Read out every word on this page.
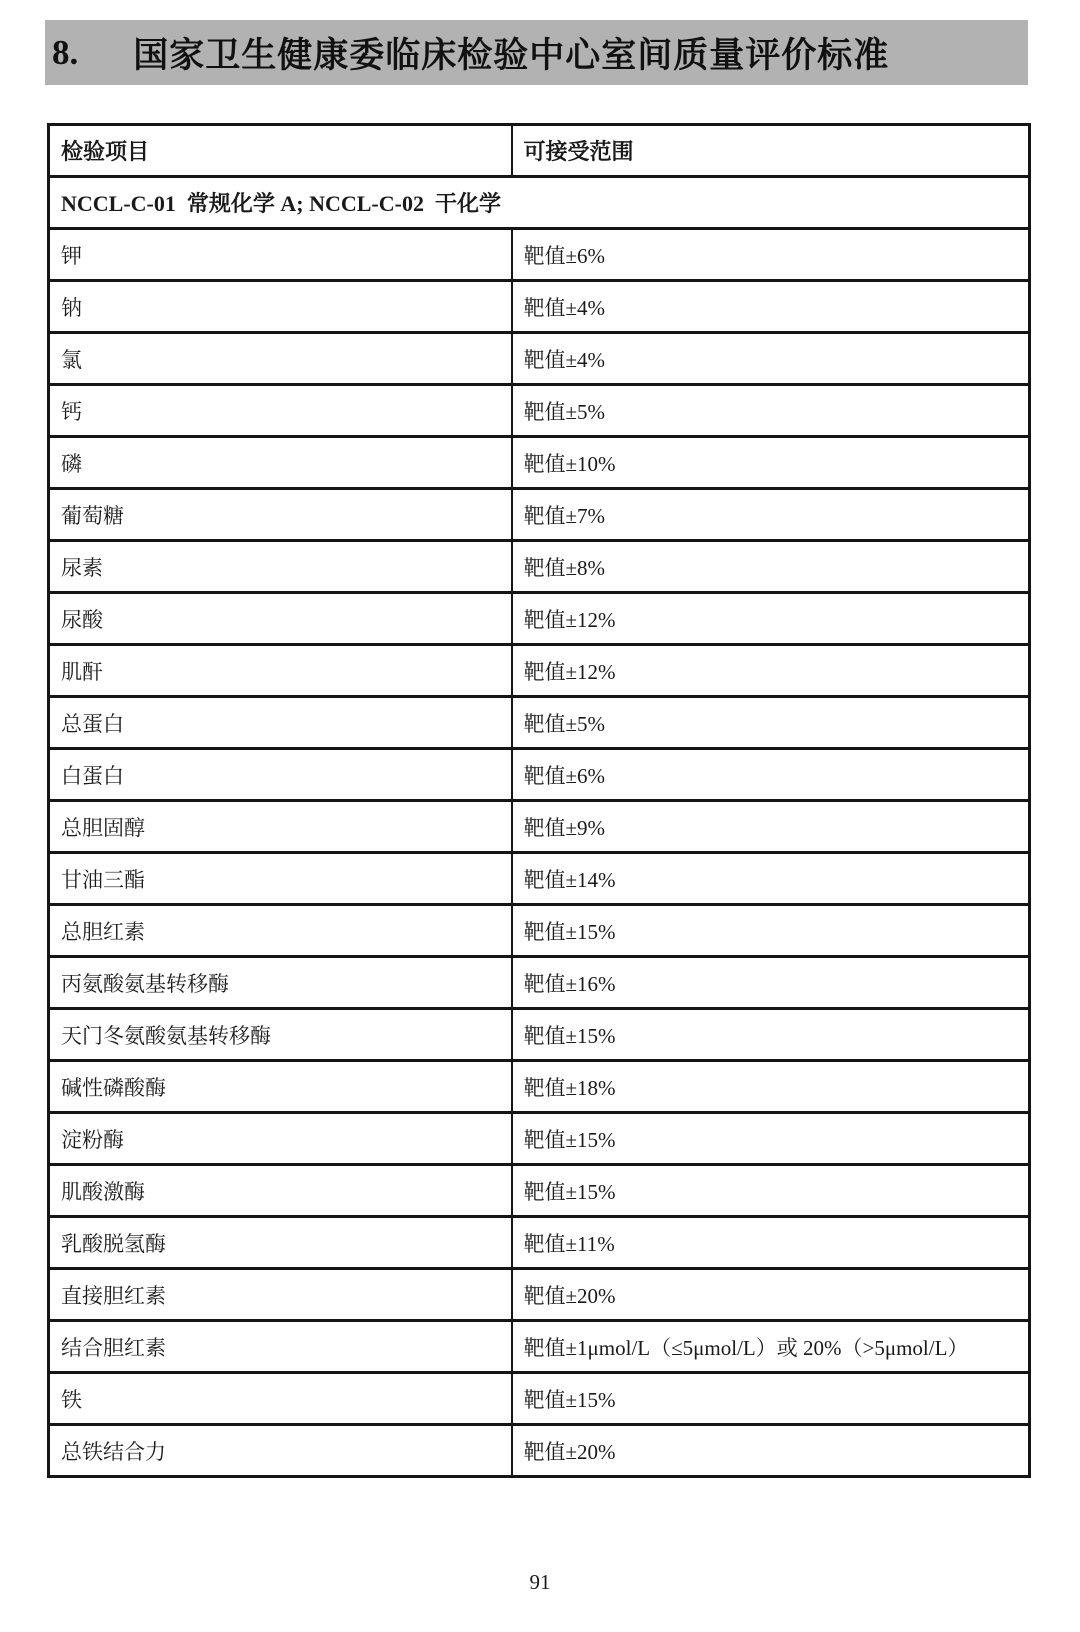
8. 国家卫生健康委临床检验中心室间质量评价标准
检验项目	可接受范围
NCCL-C-01  常规化学 A; NCCL-C-02  干化学	
钾	靶值±6%
钠	靶值±4%
氯	靶值±4%
钙	靶值±5%
磷	靶值±10%
葡萄糖	靶值±7%
尿素	靶值±8%
尿酸	靶值±12%
肌酐	靶值±12%
总蛋白	靶值±5%
白蛋白	靶值±6%
总胆固醇	靶值±9%
甘油三酯	靶值±14%
总胆红素	靶值±15%
丙氨酸氨基转移酶	靶值±16%
天门冬氨酸氨基转移酶	靶值±15%
碱性磷酸酶	靶值±18%
淀粉酶	靶值±15%
肌酸激酶	靶值±15%
乳酸脱氢酶	靶值±11%
直接胆红素	靶值±20%
结合胆红素	靶值±1μmol/L（≤5μmol/L）或 20%（>5μmol/L）
铁	靶值±15%
总铁结合力	靶值±20%
91
